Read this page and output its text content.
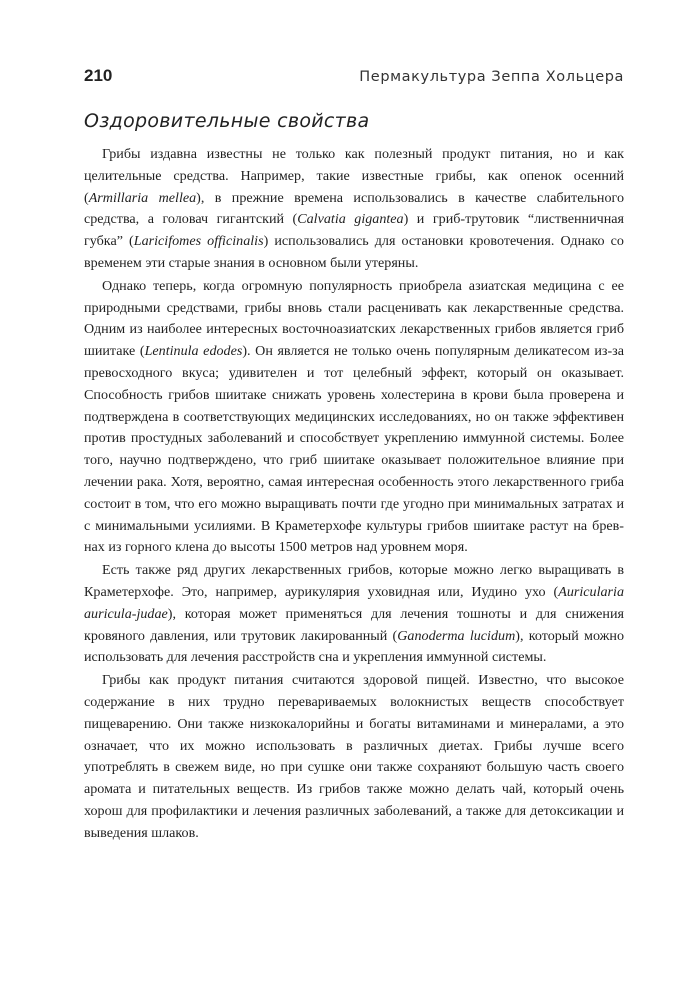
210	Пермакультура Зеппа Хольцера
Оздоровительные свойства

Грибы издавна известны не только как полезный продукт питания, но и как целительные средства. Например, такие известные грибы, как опенок осенний (Armillaria mellea), в прежние времена использовались в качестве слабительного средства, а головач гигантский (Calvatia gigantea) и гриб-трутовик “лиственничная губка” (Laricifomes officinalis) использовались для остановки кровотечения. Однако со временем эти старые знания в основном были утеряны.

Однако теперь, когда огромную популярность приобрела азиатская медицина с ее природными средствами, грибы вновь стали расценивать как лекарственные средства. Одним из наиболее интересных восточноазиатских лекарственных грибов является гриб шиитаке (Lentinula edodes). Он является не только очень популярным деликатесом из-за превосходного вкуса; удивителен и тот целебный эффект, который он оказывает. Способность грибов шиитаке снижать уровень холестерина в крови была проверена и подтверждена в соответствующих медицинских исследованиях, но он также эффективен против простудных заболеваний и способствует укреплению иммунной системы. Более того, научно подтверждено, что гриб шиитаке оказывает положительное влияние при лечении рака. Хотя, вероятно, самая интересная особенность этого лекарственного гриба состоит в том, что его можно выращивать почти где угодно при минимальных затратах и с минимальными усилиями. В Краметерхофе культуры грибов шиитаке растут на бревнах из горного клена до высоты 1500 метров над уровнем моря.

Есть также ряд других лекарственных грибов, которые можно легко выращивать в Краметерхофе. Это, например, аурикулярия уховидная или, Иудино ухо (Auricularia auricula-judae), которая может применяться для лечения тошноты и для снижения кровяного давления, или трутовик лакированный (Ganoderma lucidum), который можно использовать для лечения расстройств сна и укрепления иммунной системы.

Грибы как продукт питания считаются здоровой пищей. Известно, что высокое содержание в них трудно перевариваемых волокнистых веществ способствует пищеварению. Они также низкокалорийны и богаты витаминами и минералами, а это означает, что их можно использовать в различных диетах. Грибы лучше всего употреблять в свежем виде, но при сушке они также сохраняют большую часть своего аромата и питательных веществ. Из грибов также можно делать чай, который очень хорош для профилактики и лечения различных заболеваний, а также для детоксикации и выведения шлаков.
